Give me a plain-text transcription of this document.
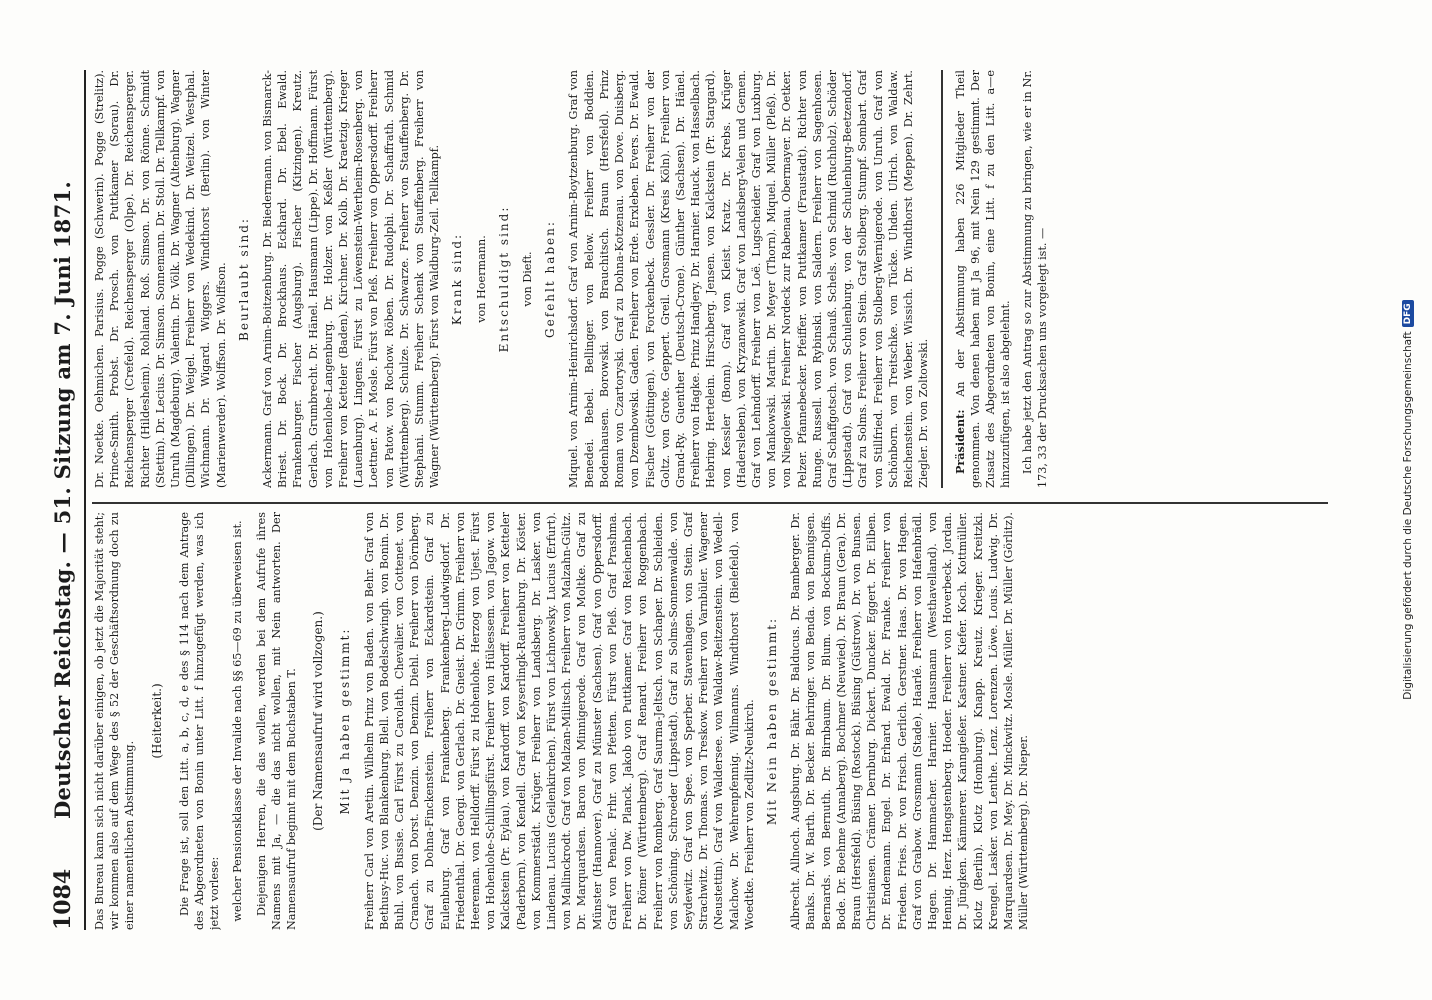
1084
Deutscher Reichstag. — 51. Sitzung am 7. Juni 1871. Das Bureau kann sich nicht darüber einigen, ob jetzt die Majorität steht; wir kommen also auf dem Wege des § 52 der Geschäftsordnung doch zu einer namentlichen Abstimmung.

(Heiterkeit.) Die Frage ist, soll den Litt. a, b, c, d, e des § 114 nach dem Antrage des Abgeordneten von Bonin unter Litt. f hinzugefügt werden, was ich jetzt vorlese: welcher Pensionsklasse der Invalide nach §§ 65—69 zu überweisen ist. Diejenigen Herren, die das wollen, werden bei dem Aufrufe ihres Namens mit Ja, — die das nicht wollen, mit Nein antworten. Der Namensaufruf beginnt mit dem Buchstaben T. (Der Namensaufruf wird vollzogen.) Mit Ja haben gestimmt: Freiherr Carl von Aretin. Wilhelm Prinz von Baden. von Behr. Graf von Bethusy-Huc. von Blankenburg. Blell. von Bodelschwingh. von Bonin. Dr. Buhl. von Bussie. Carl Fürst zu Carolath. Chevalier. von Cottenet. von Cranach. von Dorst. Denzin. von Denzin. Diehl. Freiherr von Dörnberg. Graf zu Dohna-Finckenstein. Freiherr von Eckardstein. Graf zu Eulenburg. Graf von Frankenberg. Frankenberg-Ludwigsdorf. Dr. Friedenthal. Dr. Georgi. von Gerlach. Dr. Gneist. Dr. Grimm. Freiherr von Heereman. von Helldorff. Fürst zu Hohenlohe. Herzog von Ujest. Fürst von Hohenlohe-Schillingsfürst. Freiherr von Hülsessem. von Jagow. von Kalckstein (Pr. Eylau). von Kardorff. von Kardorff. Freiherr von Ketteler (Paderborn). von Kendell. Graf von Keyserlingk-Rautenburg. Dr. Köster. von Kommerstädt. Krüger. Freiherr von Landsberg. Dr. Lasker. von Lindenau. Lucius (Geilenkirchen). Fürst von Lichnowsky. Lucius (Erfurt). von Mallinckrodt. Graf von Malzan-Militsch. Freiherr von Malzahn-Gültz. Dr. Marquardsen. Baron von Minnigerode. Graf von Moltke. Graf zu Münster (Hannover). Graf zu Münster (Sachsen). Graf von Oppersdorff. Graf von Penalc. Frhr. von Pfetten. Fürst von Pleß. Graf Prashma. Freiherr von Dw. Planck. Jakob von Puttkamer. Graf von Reichenbach. Dr. Römer (Württemberg). Graf Renard. Freiherr von Roggenbach. Freiherr von Romberg. Graf Saurma-Jeltsch. von Schaper. Dr. Schleiden. von Schöning. Schroeder (Lippstadt). Graf zu Solms-Sonnenwalde. von Seydewitz. Graf von Spee. von Sperber. Stavenhagen. von Stein. Graf Strachwitz. Dr. Thomas. von Treskow. Freiherr von Varnbüler. Wagener (Neustettin). Graf von Waldersee. von Waldaw-Reitzenstein. von Wedell-Malchow. Dr. Wehrenpfennig. Wilmanns. Windthorst (Bielefeld). von Woedtke. Freiherr von Zedlitz-Neukirch. Mit Nein haben gestimmt: Albrecht. Allnoch. Augsburg. Dr. Bähr. Dr. Balducus. Dr. Bamberger. Dr. Banks. Dr. W. Barth. Dr. Becker. Behringer. von Benda. von Bennigsen. Bernards. von Bernuth. Dr. Birnbaum. Dr. Blum. von Bockum-Dolffs. Bode. Dr. Boehme (Annaberg). Bochmer (Neuwied). Dr. Braun (Gera). Dr. Braun (Hersfeld). Büsing (Rostock). Büsing (Güstrow). Dr. von Bunsen. Christiansen. Crämer. Dernburg. Dickert. Duncker. Eggert. Dr. Eilben. Dr. Endemann. Engel. Dr. Erhard. Ewald. Dr. Franke. Freiherr von Frieden. Fries. Dr. von Frisch. Gerlich. Gerstner. Haas. Dr. von Hagen. Graf von Grabow. Grosmann (Stade). Haarlé. Freiherr von Hafenbrädl. Hagen. Dr. Hammacher. Harnier. Hausmann (Westhavelland). von Hennig. Herz. Hengstenberg. Hoeder. Freiherr von Hoverbeck. Jordan. Dr. Jüngken. Kämmerer. Kanngießer. Kastner. Kiefer. Koch. Kottmüller. Klotz (Berlin). Klotz (Homburg). Knapp. Kreutz. Krieger. Kreitzki. Krengel. Lasker. von Lenthe. Lenz. Lorenzen. Löwe. Louis. Ludwig. Dr. Marquardsen. Dr. Mey. Dr. Minckwitz. Mosle. Müller. Dr. Müller (Görlitz). Müller (Württemberg). Dr. Nieper.

Dr. Noetke. Oehmichen. Parisius. Pogge (Schwerin). Pogge (Strelitz). Prince-Smith. Probst. Dr. Prosch. von Puttkamer (Sorau). Dr. Reichensperger (Crefeld). Reichensperger (Olpe). Dr. Reichensperger. Richter (Hildesheim). Rohland. Roß. Simson. Dr. von Rönne. Schmidt (Stettin). Dr. Lecius. Dr. Simson. Sonnemann. Dr. Stoll. Dr. Tellkampf. von Unruh (Magdeburg). Valentin. Dr. Völk. Dr. Wagner (Altenburg). Wagner (Dillingen). Dr. Weigel. Freiherr von Wedekind. Dr. Weitzel. Westphal. Wichmann. Dr. Wigard. Wiggers. Windthorst (Berlin). von Winter (Marienwerder). Wolffson. Dr. Wolffson. Beurlaubt sind: Ackermann. Graf von Arnim-Boitzenburg. Dr. Biedermann. von Bismarck-Briest. Dr. Bock. Dr. Brockhaus. Eckhard. Dr. Ebel. Ewald. Frankenburger. Fischer (Augsburg). Fischer (Kitzingen). Kreutz. Gerlach. Grumbrecht. Dr. Hänel. Hausmann (Lippe). Dr. Hoffmann. Fürst von Hohenlohe-Langenburg. Dr. Holzer. von Keßler (Württemberg). Freiherr von Ketteler (Baden). Kirchner. Dr. Kolb. Dr. Kraetzig. Krieger (Lauenburg). Lingens. Fürst zu Löwenstein-Wertheim-Rosenberg. von Loettner. A. F. Mosle. Fürst von Pleß. Freiherr von Oppersdorff. Freiherr von Patow. von Rochow. Röben. Dr. Rudolphi. Dr. Schaffrath. Schmid (Württemberg). Schulze. Dr. Schwarze. Freiherr von Stauffenberg. Dr. Stephani. Stumm. Freiherr Schenk von Stauffenberg. Freiherr von Wagner (Württemberg). Fürst von Waldburg-Zeil. Tellkampf. Krank sind: von Hoermann. Entschuldigt sind: von Dieft. Gefehlt haben: Miquel. von Arnim-Heinrichsdorf. Graf von Arnim-Boytzenburg. Graf von Benedei. Bebel. Bellinger. von Below. Freiherr von Boddien. Bodenhausen. Borowski. von Brauchitsch. Braun (Hersfeld). Prinz Roman von Czartoryski. Graf zu Dohna-Kotzenau. von Dove. Duisberg. von Dzembowski. Gaden. Freiherr von Erde. Erxleben. Evers. Dr. Ewald. Fischer (Göttingen). von Forckenbeck. Gessler. Dr. Freiherr von der Goltz. von Grote. Geppert. Greil. Grosmann (Kreis Köln). Freiherr von Grand-Ry. Guenther (Deutsch-Crone). Günther (Sachsen). Dr. Hänel. Freiherr von Hagke. Prinz Handjery. Dr. Harnier. Hauck. von Hasselbach. Hebring. Hertelein. Hirschberg. Jensen. von Kalckstein (Pr. Stargard). von Kessler (Bonn). Graf von Kleist. Kratz. Dr. Krebs. Krüger (Hadersleben). von Kryzanowski. Graf von Landsberg-Velen und Gemen. Graf von Lehndorff. Freiherr von Loë. Lugscheider. Graf von Luxburg. von Mankowski. Martin. Dr. Meyer (Thorn). Miquel. Müller (Pleß). Dr. von Niegolewski. Freiherr Nordeck zur Rabenau. Obermayer. Dr. Oetker. Pelzer. Pfannebecker. Pfeiffer. von Puttkamer (Fraustadt). Richter von Runge. Russell. von Rybinski. von Saldern. Freiherr von Sagenhosen. Graf Schaffgotsch. von Schauß. Schels. von Schmid (Ruchholz). Schöder (Lippstadt). Graf von Schulenburg. von der Schulenburg-Beetzendorf. Graf zu Solms. Freiherr von Stein. Graf Stolberg. Stumpf. Sombart. Graf von Stillfried. Freiherr von Stolberg-Wernigerode. von Unruh. Graf von Schönborn. von Treitschke. von Tücke. Uhden. Ulrich. von Waldaw. Reichenstein. von Weber. Wissich. Dr. Windthorst (Meppen). Dr. Zehrt. Ziegler. Dr. von Zoltowski. Präsident: An der Abstimmung haben 226 Mitglieder Theil genommen. Von denen haben mit Ja 96, mit Nein 129 gestimmt. Der Zusatz des Abgeordneten von Bonin, eine Litt. f zu den Litt. a—e hinzuzufügen, ist also abgelehnt. Ich habe jetzt den Antrag so zur Abstimmung zu bringen, wie er in Nr. 173, 33 der Drucksachen uns vorgelegt ist. —	Digitalisierung gefördert durch die Deutsche Forschungsgemeinschaft
DFG
